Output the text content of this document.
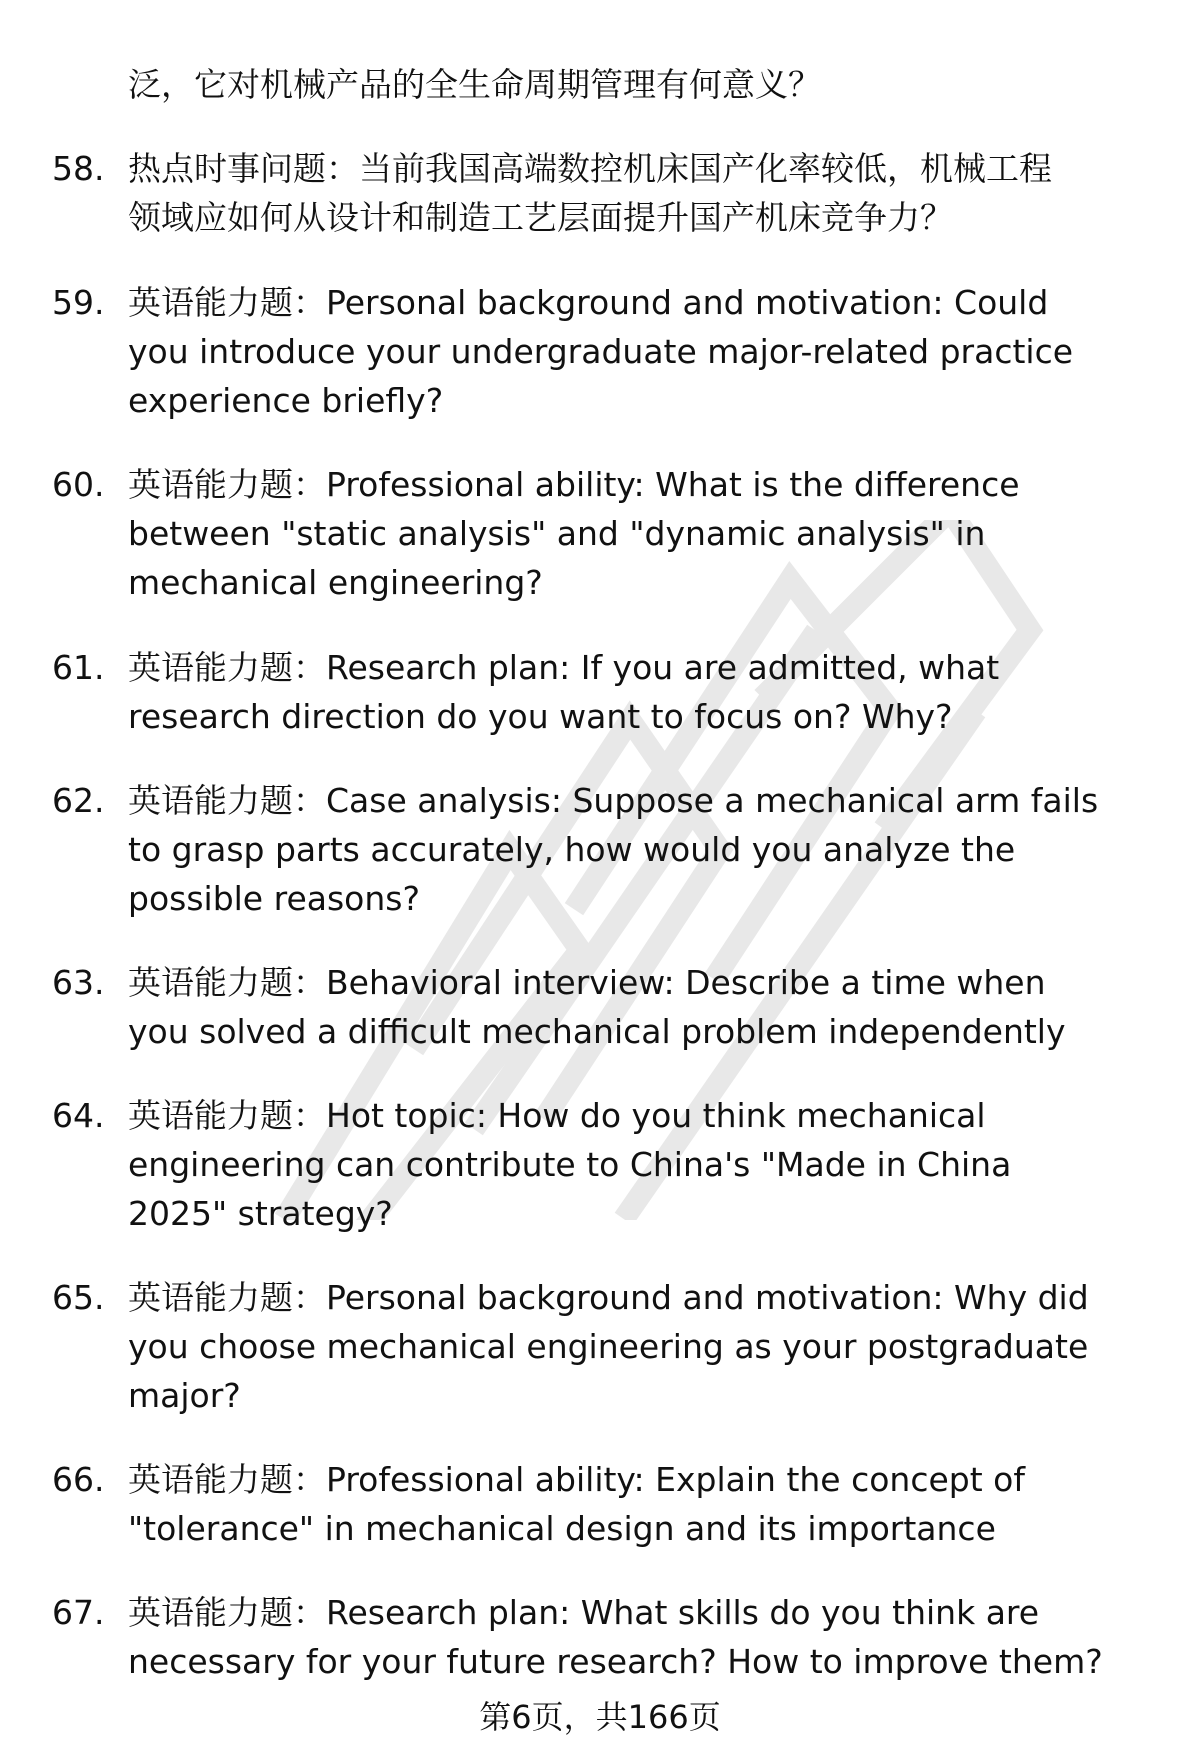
泛，它对机械产品的全生命周期管理有何意义？
58. 热点时事问题：当前我国高端数控机床国产化率较低，机械工程
领域应如何从设计和制造工艺层面提升国产机床竞争力？
59. 英语能力题：Personal background and motivation: Could
you introduce your undergraduate major-related practice
experience briefly?
60. 英语能力题：Professional ability: What is the difference
between "static analysis" and "dynamic analysis" in
mechanical engineering?
61. 英语能力题：Research plan: If you are admitted, what
research direction do you want to focus on? Why?
62. 英语能力题：Case analysis: Suppose a mechanical arm fails
to grasp parts accurately, how would you analyze the
possible reasons?
63. 英语能力题：Behavioral interview: Describe a time when
you solved a difficult mechanical problem independently
64. 英语能力题：Hot topic: How do you think mechanical
engineering can contribute to China's "Made in China
2025" strategy?
65. 英语能力题：Personal background and motivation: Why did
you choose mechanical engineering as your postgraduate
major?
66. 英语能力题：Professional ability: Explain the concept of
"tolerance" in mechanical design and its importance
67. 英语能力题：Research plan: What skills do you think are
necessary for your future research? How to improve them?
第6页，共166页
